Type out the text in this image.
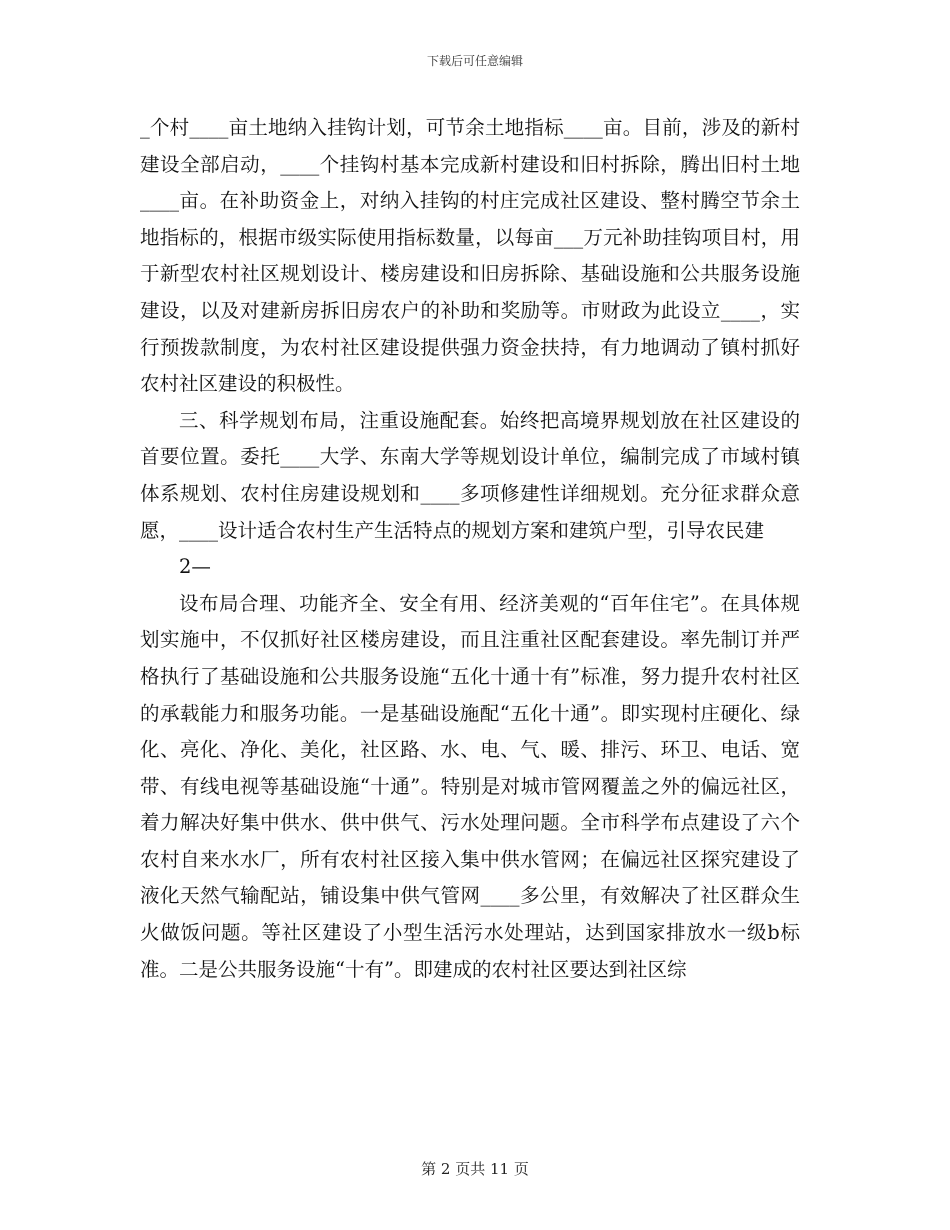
下载后可任意编辑

_个村____亩土地纳入挂钩计划，可节余土地指标____亩。目前，涉及的新村建设全部启动，____个挂钩村基本完成新村建设和旧村拆除，腾出旧村土地____亩。在补助资金上，对纳入挂钩的村庄完成社区建设、整村腾空节余土地指标的，根据市级实际使用指标数量，以每亩___万元补助挂钩项目村，用于新型农村社区规划设计、楼房建设和旧房拆除、基础设施和公共服务设施建设，以及对建新房拆旧房农户的补助和奖励等。市财政为此设立____，实行预拨款制度，为农村社区建设提供强力资金扶持，有力地调动了镇村抓好农村社区建设的积极性。

三、科学规划布局，注重设施配套。始终把高境界规划放在社区建设的首要位置。委托____大学、东南大学等规划设计单位，编制完成了市域村镇体系规划、农村住房建设规划和____多项修建性详细规划。充分征求群众意愿，____设计适合农村生产生活特点的规划方案和建筑户型，引导农民建

2—

设布局合理、功能齐全、安全有用、经济美观的“百年住宅”。在具体规划实施中，不仅抓好社区楼房建设，而且注重社区配套建设。率先制订并严格执行了基础设施和公共服务设施“五化十通十有”标准，努力提升农村社区的承载能力和服务功能。一是基础设施配“五化十通”。即实现村庄硬化、绿化、亮化、净化、美化，社区路、水、电、气、暖、排污、环卫、电话、宽带、有线电视等基础设施“十通”。特别是对城市管网覆盖之外的偏远社区，着力解决好集中供水、供中供气、污水处理问题。全市科学布点建设了六个农村自来水水厂，所有农村社区接入集中供水管网；在偏远社区探究建设了液化天然气输配站，铺设集中供气管网____多公里，有效解决了社区群众生火做饭问题。等社区建设了小型生活污水处理站，达到国家排放水一级b标准。二是公共服务设施“十有”。即建成的农村社区要达到社区综

第 2 页共 11 页
